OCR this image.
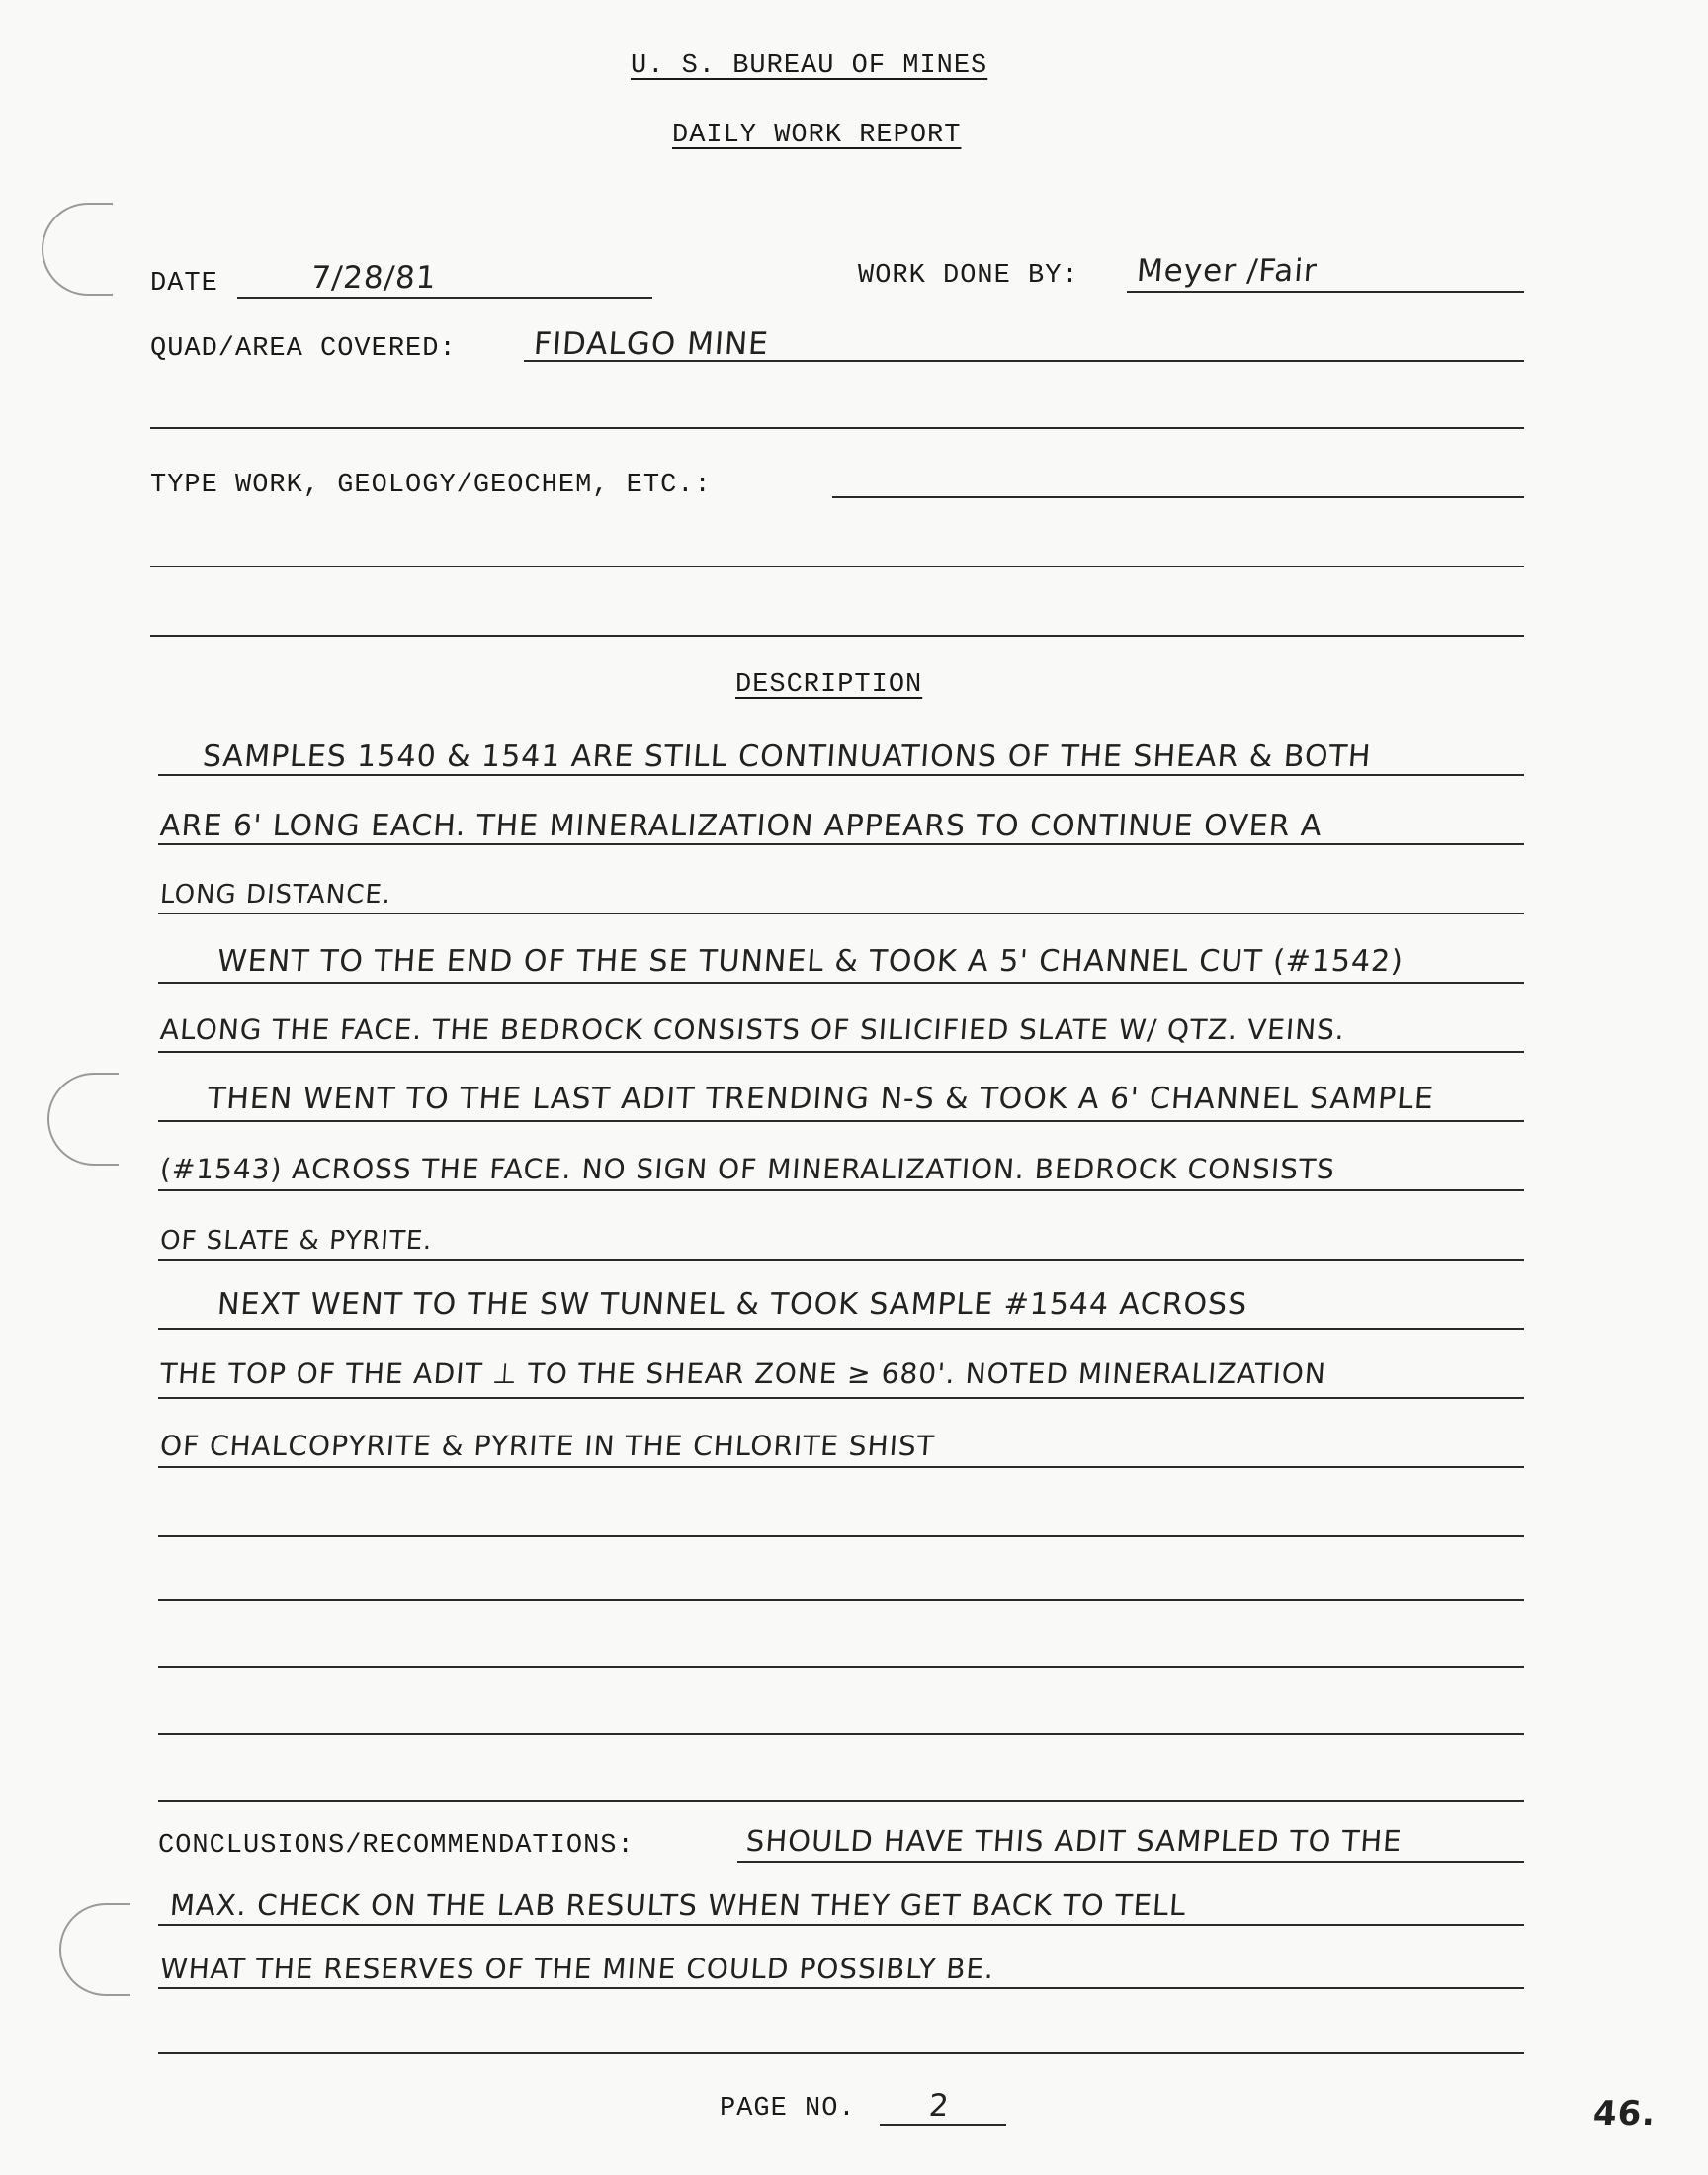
U. S. BUREAU OF MINES
DAILY WORK REPORT
DATE	7/28/81	WORK DONE BY: Meyer /Fair
QUAD/AREA COVERED: FIDALGO MINE
TYPE WORK, GEOLOGY/GEOCHEM, ETC.:
DESCRIPTION
SAMPLES 1540 & 1541 ARE STILL CONTINUATIONS OF THE SHEAR & BOTH
ARE 6' LONG EACH. THE MINERALIZATION APPEARS TO CONTINUE OVER A
LONG DISTANCE.
WENT TO THE END OF THE SE TUNNEL & TOOK A 5' CHANNEL CUT (#1542)
ALONG THE FACE. THE BEDROCK CONSISTS OF SILICIFIED SLATE W/ QTZ. VEINS.
THEN WENT TO THE LAST ADIT TRENDING N-S & TOOK A 6' CHANNEL SAMPLE
(#1543) ACROSS THE FACE. NO SIGN OF MINERALIZATION. BEDROCK CONSISTS
OF SLATE & PYRITE.
NEXT WENT TO THE SW TUNNEL & TOOK SAMPLE #1544 ACROSS
THE TOP OF THE ADIT ⊥ TO THE SHEAR ZONE ≥ 680'. NOTED MINERALIZATION
OF CHALCOPYRITE & PYRITE IN THE CHLORITE SHIST
CONCLUSIONS/RECOMMENDATIONS:	SHOULD HAVE THIS ADIT SAMPLED TO THE
MAX. CHECK ON THE LAB RESULTS WHEN THEY GET BACK TO TELL
WHAT THE RESERVES OF THE MINE COULD POSSIBLY BE.
PAGE NO. 2	46.
